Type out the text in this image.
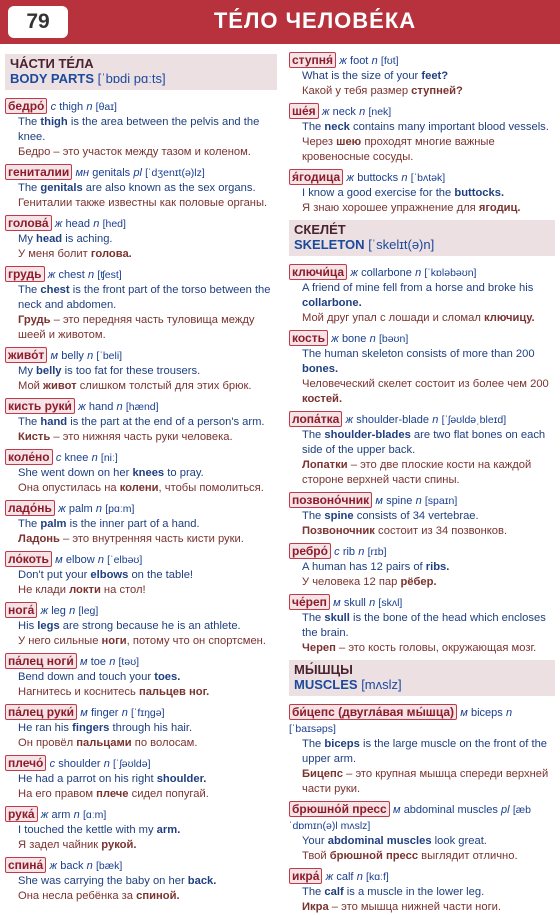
79	ТЕ́ЛО ЧЕЛОВЕ́КА
ЧА́СТИ ТЕ́ЛА
BODY PARTS [ˈbɒdi pɑːts]
бедро́ с thigh n [θaɪ]
The thigh is the area between the pelvis and the knee.
Бедро – это участок между тазом и коленом.
гениталии мн genitals pl [ˈdʒenɪt(ə)lz]
The genitals are also known as the sex organs.
Гениталии также известны как половые органы.
голова́ ж head n [hed]
My head is aching.
У меня болит голова.
грудь ж chest n [ʧest]
The chest is the front part of the torso between the neck and abdomen.
Грудь – это передняя часть туловища между шеей и животом.
живо́т м belly n [ˈbeli]
My belly is too fat for these trousers.
Мой живот слишком толстый для этих брюк.
кисть руки́ ж hand n [hænd]
The hand is the part at the end of a person's arm.
Кисть – это нижняя часть руки человека.
коле́но с knee n [niː]
She went down on her knees to pray.
Она опустилась на колени, чтобы помолиться.
ладо́нь ж palm n [pɑːm]
The palm is the inner part of a hand.
Ладонь – это внутренняя часть кисти руки.
ло́коть м elbow n [ˈelbəʊ]
Don't put your elbows on the table!
Не клади локти на стол!
нога́ ж leg n [leg]
His legs are strong because he is an athlete.
У него сильные ноги, потому что он спортсмен.
па́лец ноги́ м toe n [təʊ]
Bend down and touch your toes.
Нагнитесь и коснитесь пальцев ног.
па́лец руки́ м finger n [ˈfɪŋgə]
He ran his fingers through his hair.
Он провёл пальцами по волосам.
плечо́ с shoulder n [ˈʃəʊldə]
He had a parrot on his right shoulder.
На его правом плече сидел попугай.
рука́ ж arm n [ɑːm]
I touched the kettle with my arm.
Я задел чайник рукой.
спина́ ж back n [bæk]
She was carrying the baby on her back.
Она несла ребёнка за спиной.
ступня́ ж foot n [fʊt]
What is the size of your feet?
Какой у тебя размер ступней?
ше́я ж neck n [nek]
The neck contains many important blood vessels.
Через шею проходят многие важные кровеносные сосуды.
я́годица ж buttocks n [ˈbʌtək]
I know a good exercise for the buttocks.
Я знаю хорошее упражнение для ягодиц.
СКЕЛЕ́Т
SKELETON [ˈskelɪt(ə)n]
ключи́ца ж collarbone n [ˈkɒləbəʊn]
A friend of mine fell from a horse and broke his collarbone.
Мой друг упал с лошади и сломал ключицу.
кость ж bone n [bəʊn]
The human skeleton consists of more than 200 bones.
Человеческий скелет состоит из более чем 200 костей.
лопа́тка ж shoulder-blade n [ˈʃəʊldəˌbleɪd]
The shoulder-blades are two flat bones on each side of the upper back.
Лопатки – это две плоские кости на каждой стороне верхней части спины.
позвоно́чник м spine n [spaɪn]
The spine consists of 34 vertebrae.
Позвоночник состоит из 34 позвонков.
ребро́ с rib n [rɪb]
A human has 12 pairs of ribs.
У человека 12 пар рёбер.
че́реп м skull n [skʌl]
The skull is the bone of the head which encloses the brain.
Череп – это кость головы, окружающая мозг.
МЫ́ШЦЫ
MUSCLES [mʌslz]
би́цепс (двугла́вая мы́шца) м biceps n [ˈbaɪsəps]
The biceps is the large muscle on the front of the upper arm.
Бицепс – это крупная мышца спереди верхней части руки.
брюшно́й пресс м abdominal muscles pl [æbˈdɒmɪn(ə)l mʌslz]
Your abdominal muscles look great.
Твой брюшной пресс выглядит отлично.
икра́ ж calf n [kɑːf]
The calf is a muscle in the lower leg.
Икра – это мышца нижней части ноги.
